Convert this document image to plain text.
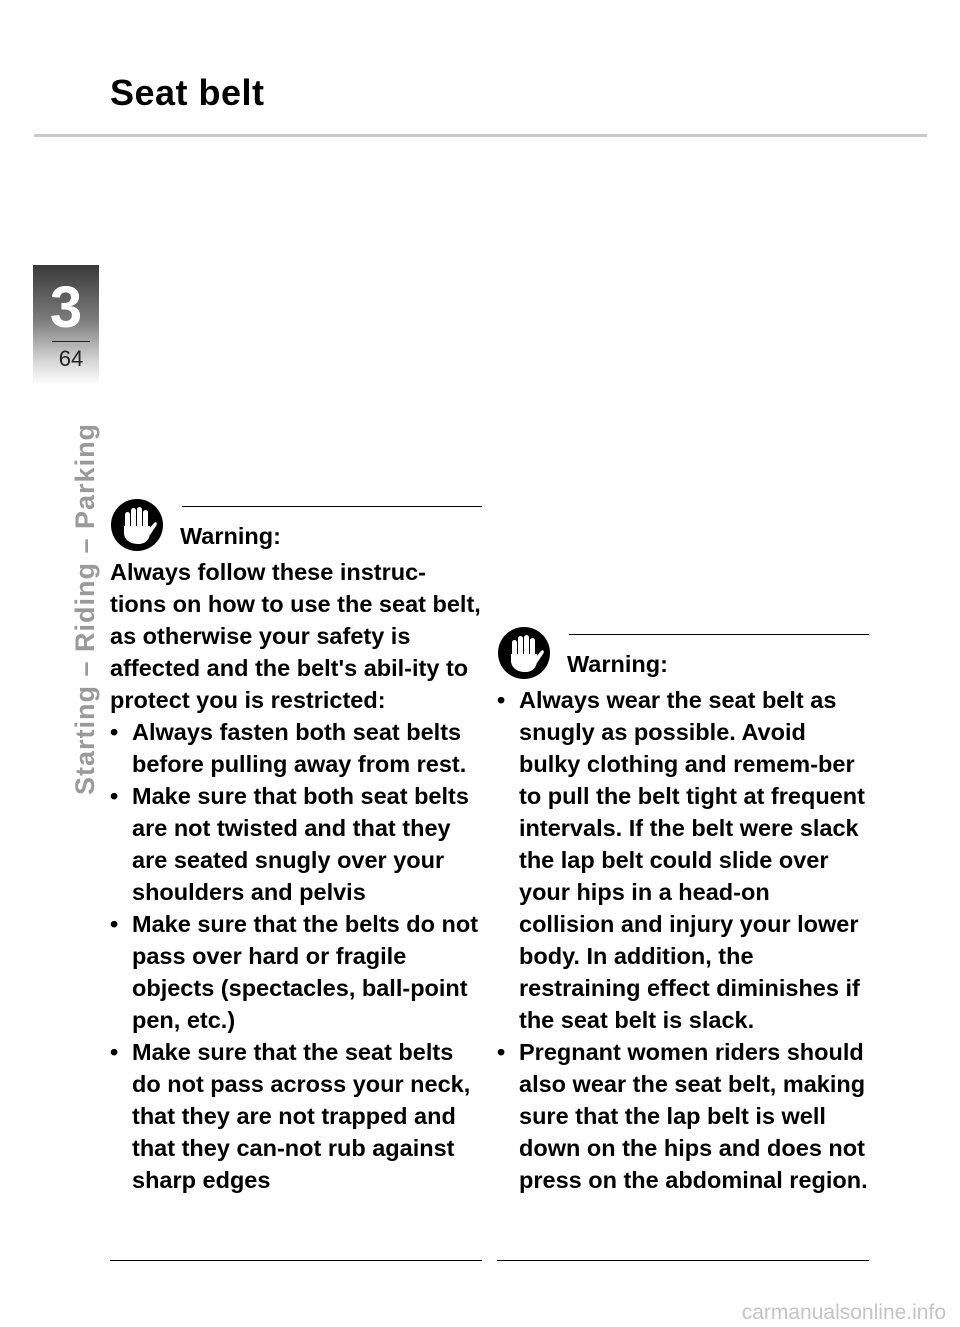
Seat belt
3
64
Starting – Riding – Parking	Warning:

Always follow these instruc-tions on how to use the seat belt, as otherwise your safety is affected and the belt's abil-ity to protect you is restricted:

• Always fasten both seat belts before pulling away from rest.
• Make sure that both seat belts are not twisted and that they are seated snugly over your shoulders and pelvis
• Make sure that the belts do not pass over hard or fragile objects (spectacles, ball-point pen, etc.)
• Make sure that the seat belts do not pass across your neck, that they are not trapped and that they can-not rub against sharp edges
Warning:
• Always wear the seat belt as snugly as possible. Avoid bulky clothing and remem-ber to pull the belt tight at frequent intervals. If the belt were slack the lap belt could slide over your hips in a head-on collision and injury your lower body. In addition, the restraining effect diminishes if the seat belt is slack.
• Pregnant women riders should also wear the seat belt, making sure that the lap belt is well down on the hips and does not press on the abdominal region.
carmanualsonline.info
